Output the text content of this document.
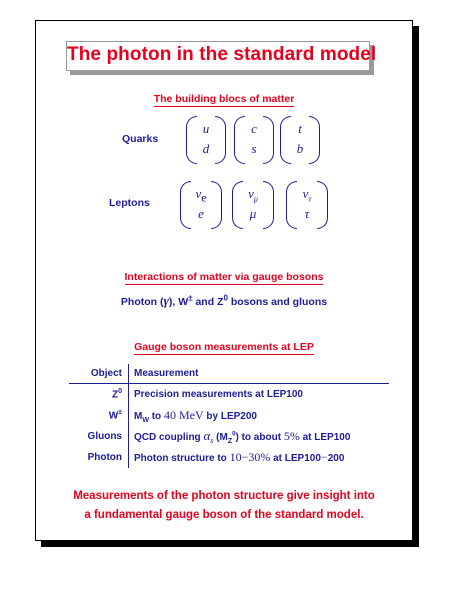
The photon in the standard model
The building blocs of matter
Quarks
u
d
c
s
t
b
Leptons
$\nu_e$
e
$\nu_\mu$
μ
$\nu_\tau$
τ
Interactions of matter via gauge bosons
Photon (γ), W± and $Z^0$ bosons and gluons
Gauge boson measurements at LEP
Object	Measurement
$Z^0$	Precision measurements at LEP100
W±	$M_W$ to 40 MeV by LEP200
Gluons	QCD coupling $\alpha_s$ $(M_Z^0)$ to about 5% at LEP100
Photon	Photon structure to 10−30% at LEP100−200
Measurements of the photon structure give insight into
a fundamental gauge boson of the standard model.
